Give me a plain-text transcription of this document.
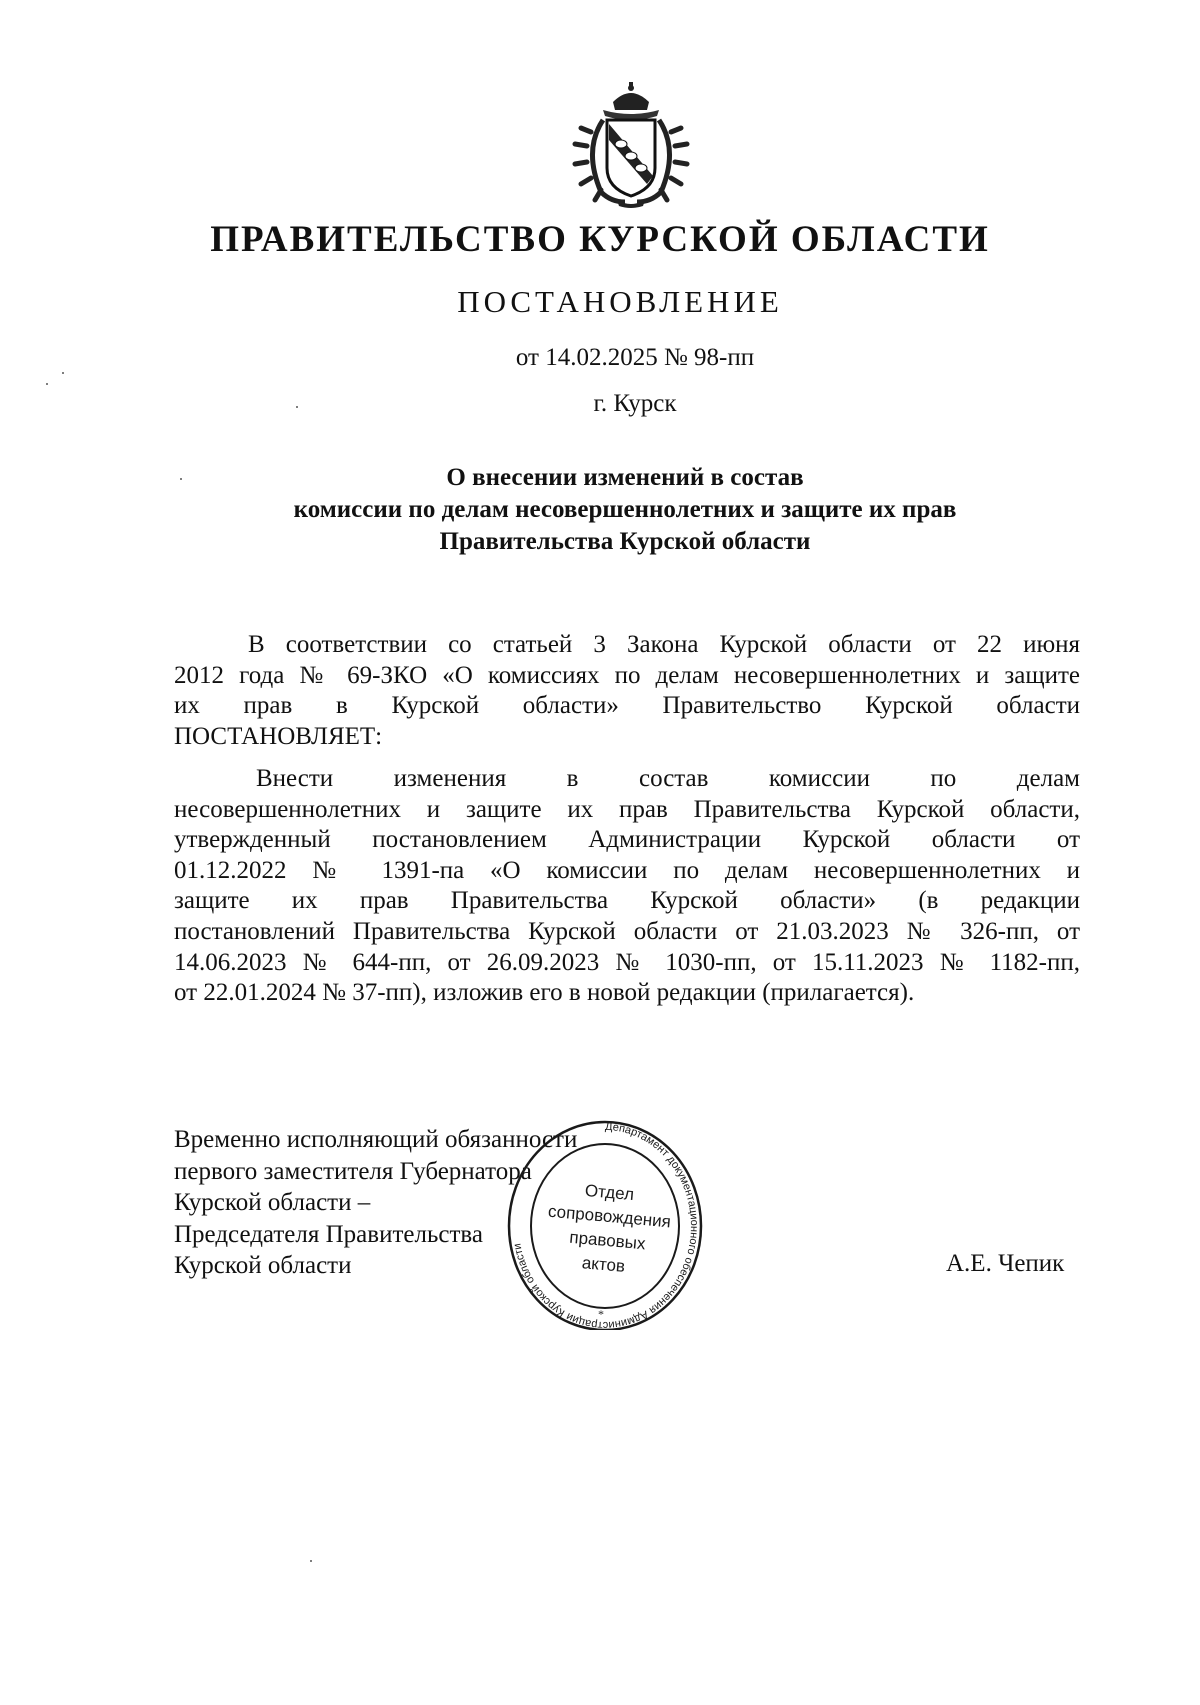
ПРАВИТЕЛЬСТВО КУРСКОЙ ОБЛАСТИ
ПОСТАНОВЛЕНИЕ
от 14.02.2025 № 98-пп
г. Курск
О внесении изменений в состав
комиссии по делам несовершеннолетних и защите их прав
Правительства Курской области
В соответствии со статьей 3 Закона Курской области от 22 июня
2012 года № 69-ЗКО «О комиссиях по делам несовершеннолетних и защите
их прав в Курской области» Правительство Курской области
ПОСТАНОВЛЯЕТ:
Внести изменения в состав комиссии по делам
несовершеннолетних и защите их прав Правительства Курской области,
утвержденный постановлением Администрации Курской области от
01.12.2022 № 1391-па «О комиссии по делам несовершеннолетних и
защите их прав Правительства Курской области» (в редакции
постановлений Правительства Курской области от 21.03.2023 № 326-пп, от
14.06.2023 № 644-пп, от 26.09.2023 № 1030-пп, от 15.11.2023 № 1182-пп,
от 22.01.2024 № 37-пп), изложив его в новой редакции (прилагается).
Временно исполняющий обязанности
первого заместителя Губернатора
Курской области –
Председателя Правительства
Курской области	А.Е. Чепик
Департамент документационного обеспечения Администрации Курской области
Отдел
сопровождения
правовых
актов
*
